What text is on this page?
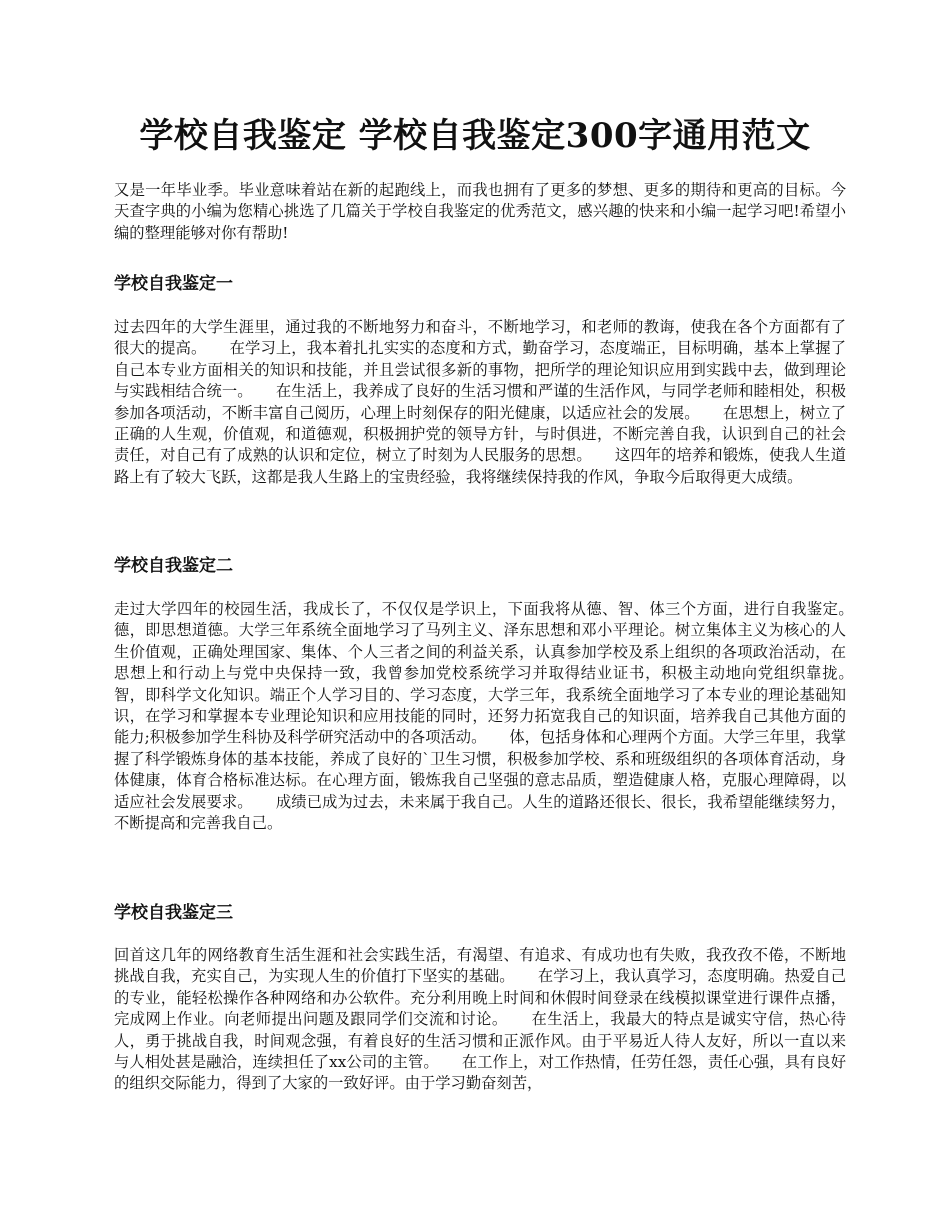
学校自我鉴定 学校自我鉴定300字通用范文

又是一年毕业季。毕业意味着站在新的起跑线上，而我也拥有了更多的梦想、更多的期待和更高的目标。今天查字典的小编为您精心挑选了几篇关于学校自我鉴定的优秀范文，感兴趣的快来和小编一起学习吧!希望小编的整理能够对你有帮助!

学校自我鉴定一

过去四年的大学生涯里，通过我的不断地努力和奋斗，不断地学习，和老师的教诲，使我在各个方面都有了很大的提高。　　在学习上，我本着扎扎实实的态度和方式，勤奋学习，态度端正，目标明确，基本上掌握了自己本专业方面相关的知识和技能，并且尝试很多新的事物，把所学的理论知识应用到实践中去，做到理论与实践相结合统一。　　在生活上，我养成了良好的生活习惯和严谨的生活作风，与同学老师和睦相处，积极参加各项活动，不断丰富自己阅历，心理上时刻保存的阳光健康，以适应社会的发展。　　在思想上，树立了正确的人生观，价值观，和道德观，积极拥护党的领导方针，与时俱进，不断完善自我，认识到自己的社会责任，对自己有了成熟的认识和定位，树立了时刻为人民服务的思想。　　这四年的培养和锻炼，使我人生道路上有了较大飞跃，这都是我人生路上的宝贵经验，我将继续保持我的作风，争取今后取得更大成绩。

学校自我鉴定二

走过大学四年的校园生活，我成长了，不仅仅是学识上，下面我将从德、智、体三个方面，进行自我鉴定。　　德，即思想道德。大学三年系统全面地学习了马列主义、泽东思想和邓小平理论。树立集体主义为核心的人生价值观，正确处理国家、集体、个人三者之间的利益关系，认真参加学校及系上组织的各项政治活动，在思想上和行动上与党中央保持一致，我曾参加党校系统学习并取得结业证书，积极主动地向党组织靠拢。　　智，即科学文化知识。端正个人学习目的、学习态度，大学三年，我系统全面地学习了本专业的理论基础知识，在学习和掌握本专业理论知识和应用技能的同时，还努力拓宽我自己的知识面，培养我自己其他方面的能力;积极参加学生科协及科学研究活动中的各项活动。　　体，包括身体和心理两个方面。大学三年里，我掌握了科学锻炼身体的基本技能，养成了良好的`卫生习惯，积极参加学校、系和班级组织的各项体育活动，身体健康，体育合格标准达标。在心理方面，锻炼我自己坚强的意志品质，塑造健康人格，克服心理障碍，以适应社会发展要求。　　成绩已成为过去，未来属于我自己。人生的道路还很长、很长，我希望能继续努力，不断提高和完善我自己。

学校自我鉴定三

回首这几年的网络教育生活生涯和社会实践生活，有渴望、有追求、有成功也有失败，我孜孜不倦，不断地挑战自我，充实自己，为实现人生的价值打下坚实的基础。　　在学习上，我认真学习，态度明确。热爱自己的专业，能轻松操作各种网络和办公软件。充分利用晚上时间和休假时间登录在线模拟课堂进行课件点播，完成网上作业。向老师提出问题及跟同学们交流和讨论。　　在生活上，我最大的特点是诚实守信，热心待人，勇于挑战自我，时间观念强，有着良好的生活习惯和正派作风。由于平易近人待人友好，所以一直以来与人相处甚是融洽，连续担任了xx公司的主管。　　在工作上，对工作热情，任劳任怨，责任心强，具有良好的组织交际能力，得到了大家的一致好评。由于学习勤奋刻苦，
